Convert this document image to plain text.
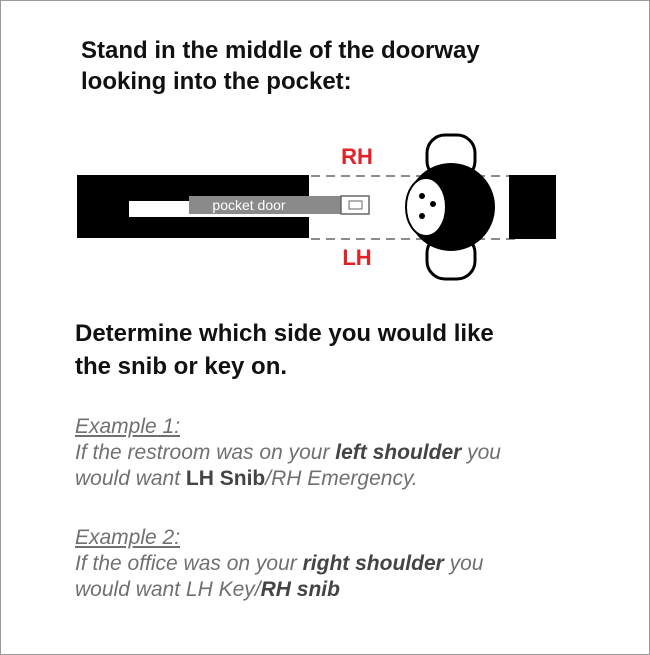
Stand in the middle of the doorway
looking into the pocket:
pocket door
RH
LH
Determine which side you would like
the snib or key on.
Example 1:
If the restroom was on your left shoulder you
would want LH Snib/RH Emergency.
Example 2:
If the office was on your right shoulder you
would want LH Key/RH snib
